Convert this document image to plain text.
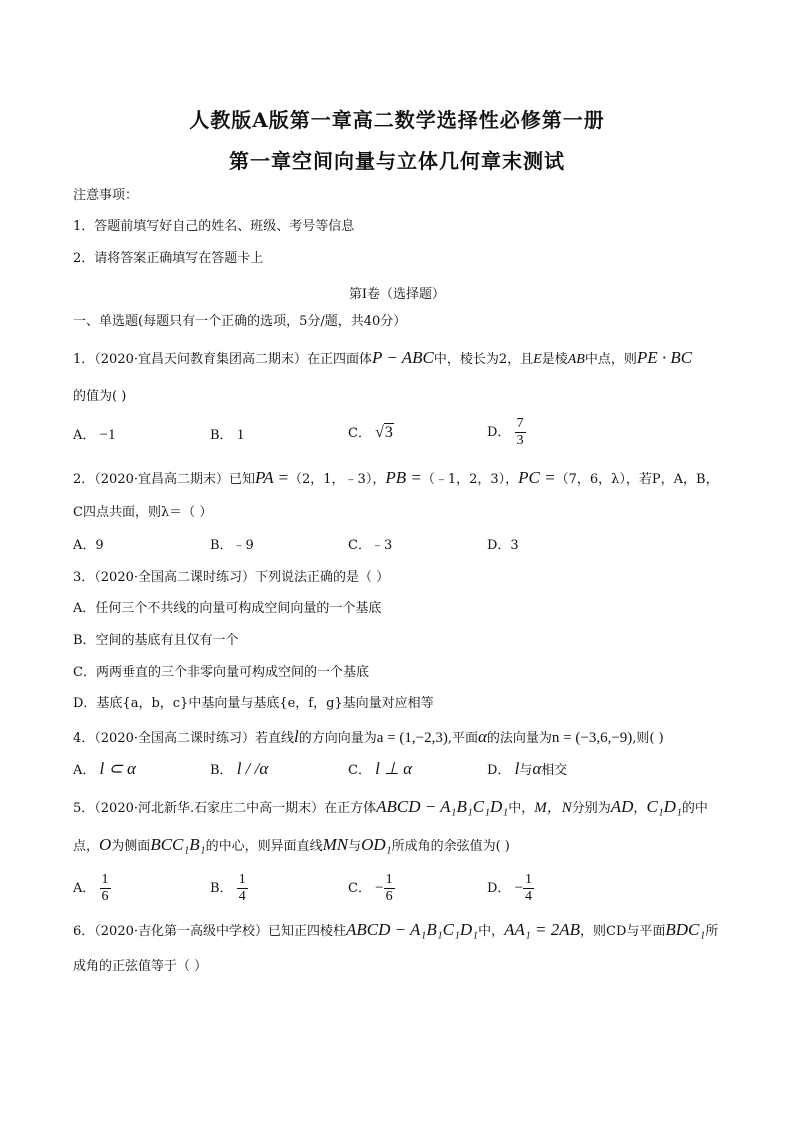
人教版A版第一章高二数学选择性必修第一册
第一章空间向量与立体几何章末测试
注意事项：
1．答题前填写好自己的姓名、班级、考号等信息
2．请将答案正确填写在答题卡上
第I卷（选择题）
一、单选题(每题只有一个正确的选项，5分/题，共40分）
1．（2020·宜昌天问教育集团高二期末）在正四面体P − ABC中，棱长为2，且E是棱AB中点，则PE · BC
的值为( )
A． −1	B． 1	C． √3	D． $\frac{7}{3}$
2．（2020·宜昌高二期末）已知PA =（2，1，﹣3），PB =（﹣1，2，3），PC =（7，6，λ），若P，A，B，
C四点共面，则λ＝（ ）
A．9	B．﹣9	C．﹣3	D．3
3．（2020·全国高二课时练习）下列说法正确的是（ ）
A．任何三个不共线的向量可构成空间向量的一个基底
B．空间的基底有且仅有一个
C．两两垂直的三个非零向量可构成空间的一个基底
D．基底{a，b，c}中基向量与基底{e，f，g}基向量对应相等
4．（2020·全国高二课时练习）若直线l的方向向量为a = (1,−2,3),平面α的法向量为n = (−3,6,−9),则( )
A． l ⊂ α	B． l / /α	C． l ⊥ α	D． l与α相交
5．（2020·河北新华.石家庄二中高一期末）在正方体ABCD − A₁B₁C₁D₁中，M，N分别为AD，C₁D₁的中
点，O为侧面BCC₁B₁的中心，则异面直线MN与OD₁所成角的余弦值为( )
A． $\frac{1}{6}$	B． $\frac{1}{4}$	C． − $\frac{1}{6}$	D． − $\frac{1}{4}$
6．（2020·吉化第一高级中学校）已知正四棱柱ABCD − A₁B₁C₁D₁中，AA₁ = 2AB，则CD与平面BDC₁所
成角的正弦值等于（ ）
